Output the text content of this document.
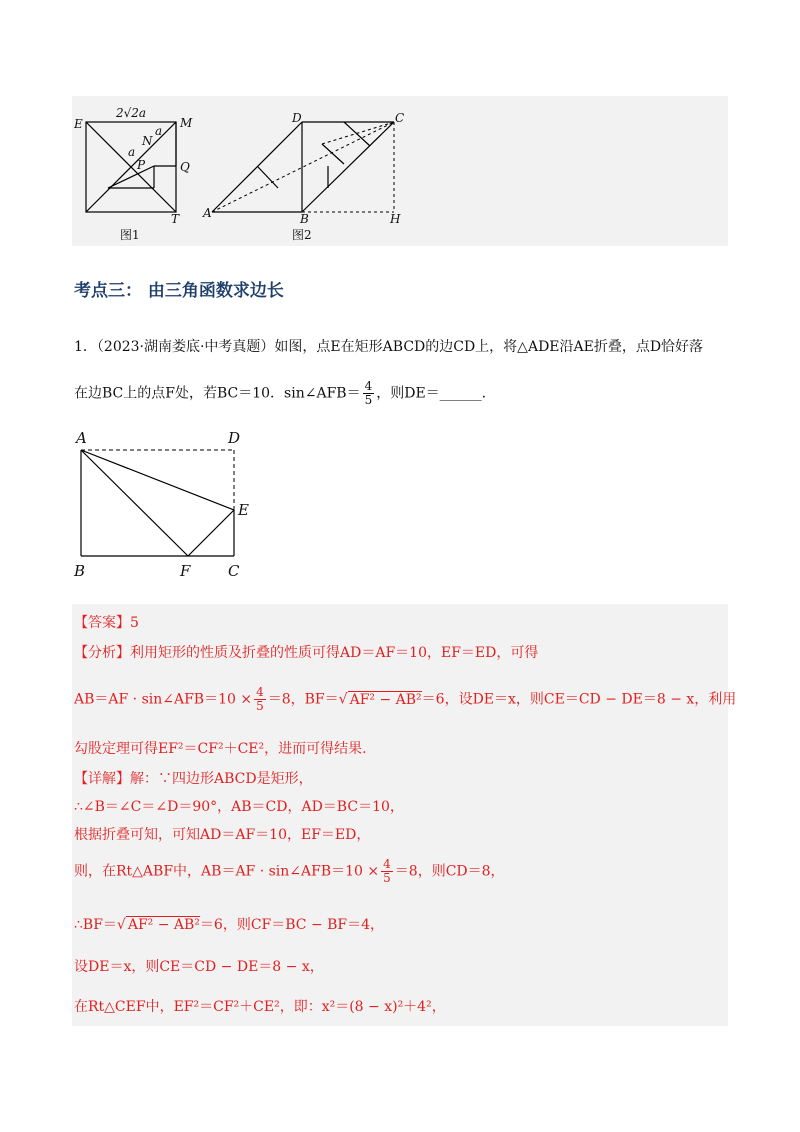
E
2√2a
M
a
N
a
P	Q
T
图1
D	C
A	B	H
图2
考点三： 由三角函数求边长
1．（2023·湖南娄底·中考真题）如图，点E在矩形ABCD的边CD上，将△ADE沿AE折叠，点D恰好落
在边BC上的点F处，若BC＝10．sin∠AFB＝ $\frac{4}{5}$ ，则DE＝______.
A	D
E
B	F	C
【答案】5
【分析】利用矩形的性质及折叠的性质可得AD＝AF＝10，EF＝ED，可得
AB＝AF · sin∠AFB＝10 × $\frac{4}{5} =8$，BF＝√ AF² − AB²＝6，设DE＝x，则CE＝CD − DE＝8 − x，利用
勾股定理可得EF²＝CF²＋CE²，进而可得结果.
【详解】解：∵四边形ABCD是矩形，
∴∠B＝∠C＝∠D＝90°，AB＝CD，AD＝BC＝10，
根据折叠可知，可知AD＝AF＝10，EF＝ED，
则，在Rt△ABF中，AB＝AF · sin∠AFB＝10 × $\frac{4}{5} =8$，则CD＝8，
∴BF＝√ AF² − AB²＝6，则CF＝BC − BF＝4，
设DE＝x，则CE＝CD − DE＝8 − x，
在Rt△CEF中，EF²＝CF²＋CE²，即：x²＝(8 − x)²＋4²，
